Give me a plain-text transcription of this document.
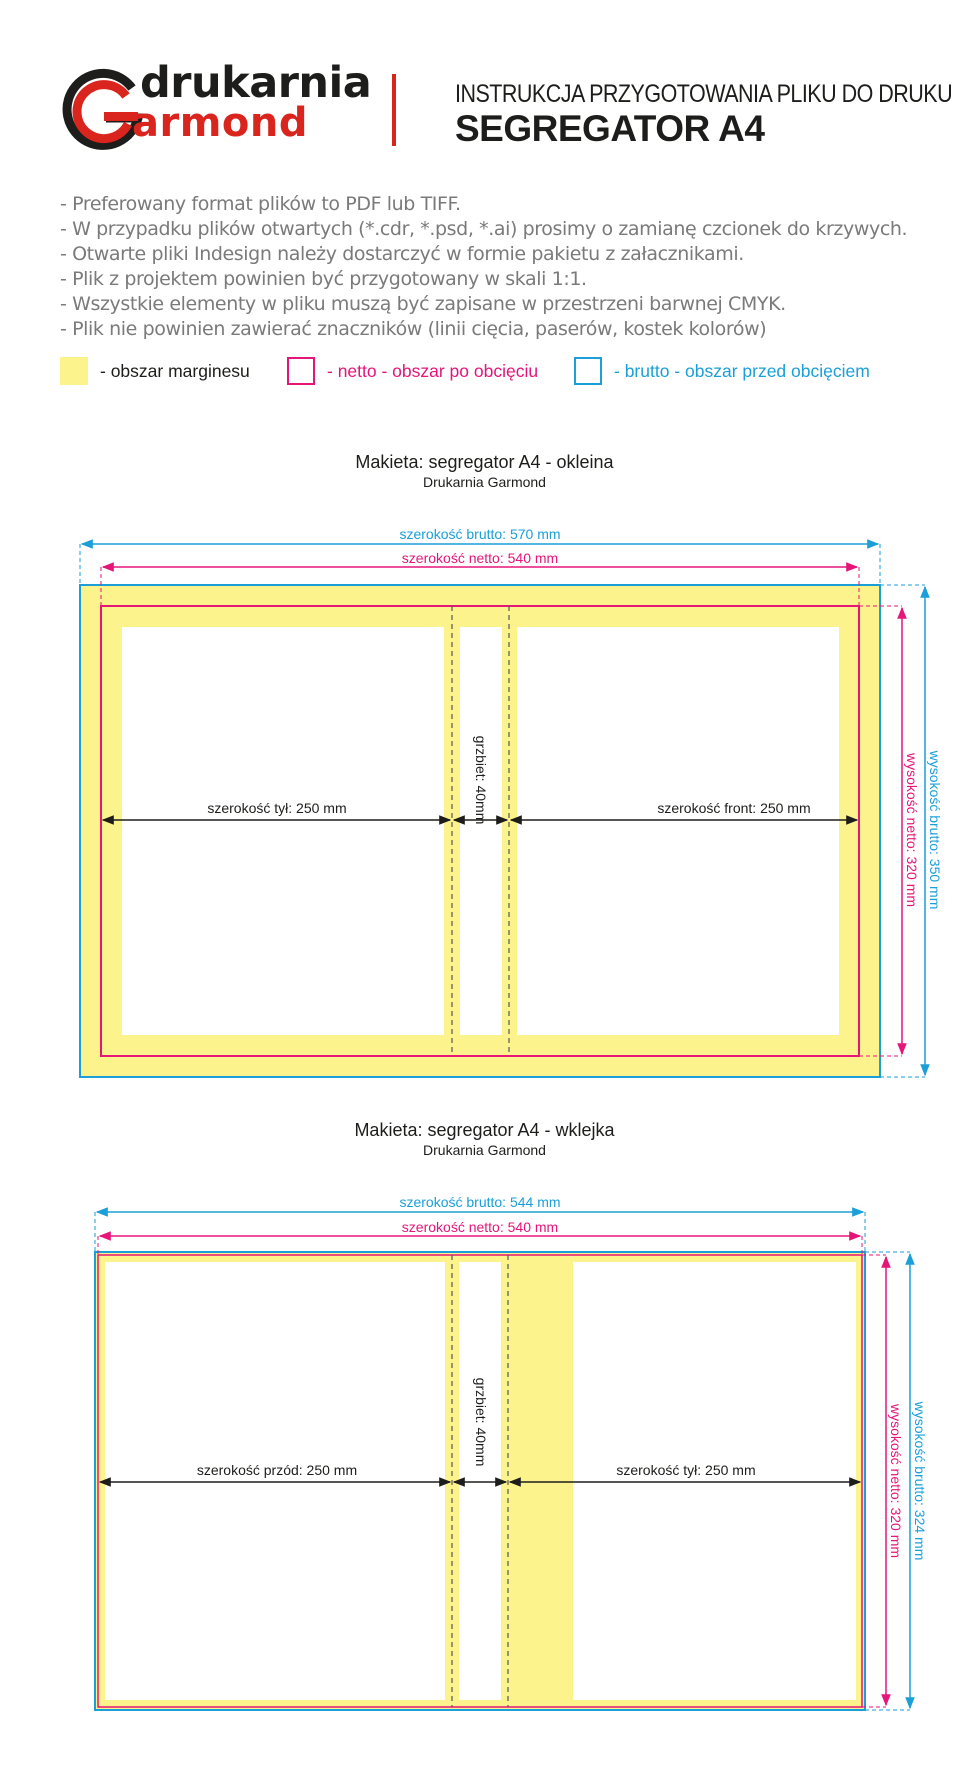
drukarnia
armond
INSTRUKCJA PRZYGOTOWANIA PLIKU DO DRUKU
SEGREGATOR A4
- Preferowany format plików to PDF lub TIFF.
- W przypadku plików otwartych (*.cdr, *.psd, *.ai) prosimy o zamianę czcionek do krzywych.
- Otwarte pliki Indesign należy dostarczyć w formie pakietu z załacznikami.
- Plik z projektem powinien być przygotowany w skali 1:1.
- Wszystkie elementy w pliku muszą być zapisane w przestrzeni barwnej CMYK.
- Plik nie powinien zawierać znaczników (linii cięcia, paserów, kostek kolorów)
- obszar marginesu	- netto - obszar po obcięciu	- brutto - obszar przed obcięciem
Makieta: segregator A4 - okleina
Drukarnia Garmond
szerokość brutto: 570 mm
szerokość netto: 540 mm
szerokość tył: 250 mm	szerokość front: 250 mm
grzbiet: 40mm	wysokość netto: 320 mm wysokość brutto: 350 mm
Makieta: segregator A4 - wklejka
Drukarnia Garmond
szerokość brutto: 544 mm
szerokość netto: 540 mm
szerokość przód: 250 mm	szerokość tył: 250 mm
grzbiet: 40mm	wysokość netto: 320 mm wysokość brutto: 324 mm
